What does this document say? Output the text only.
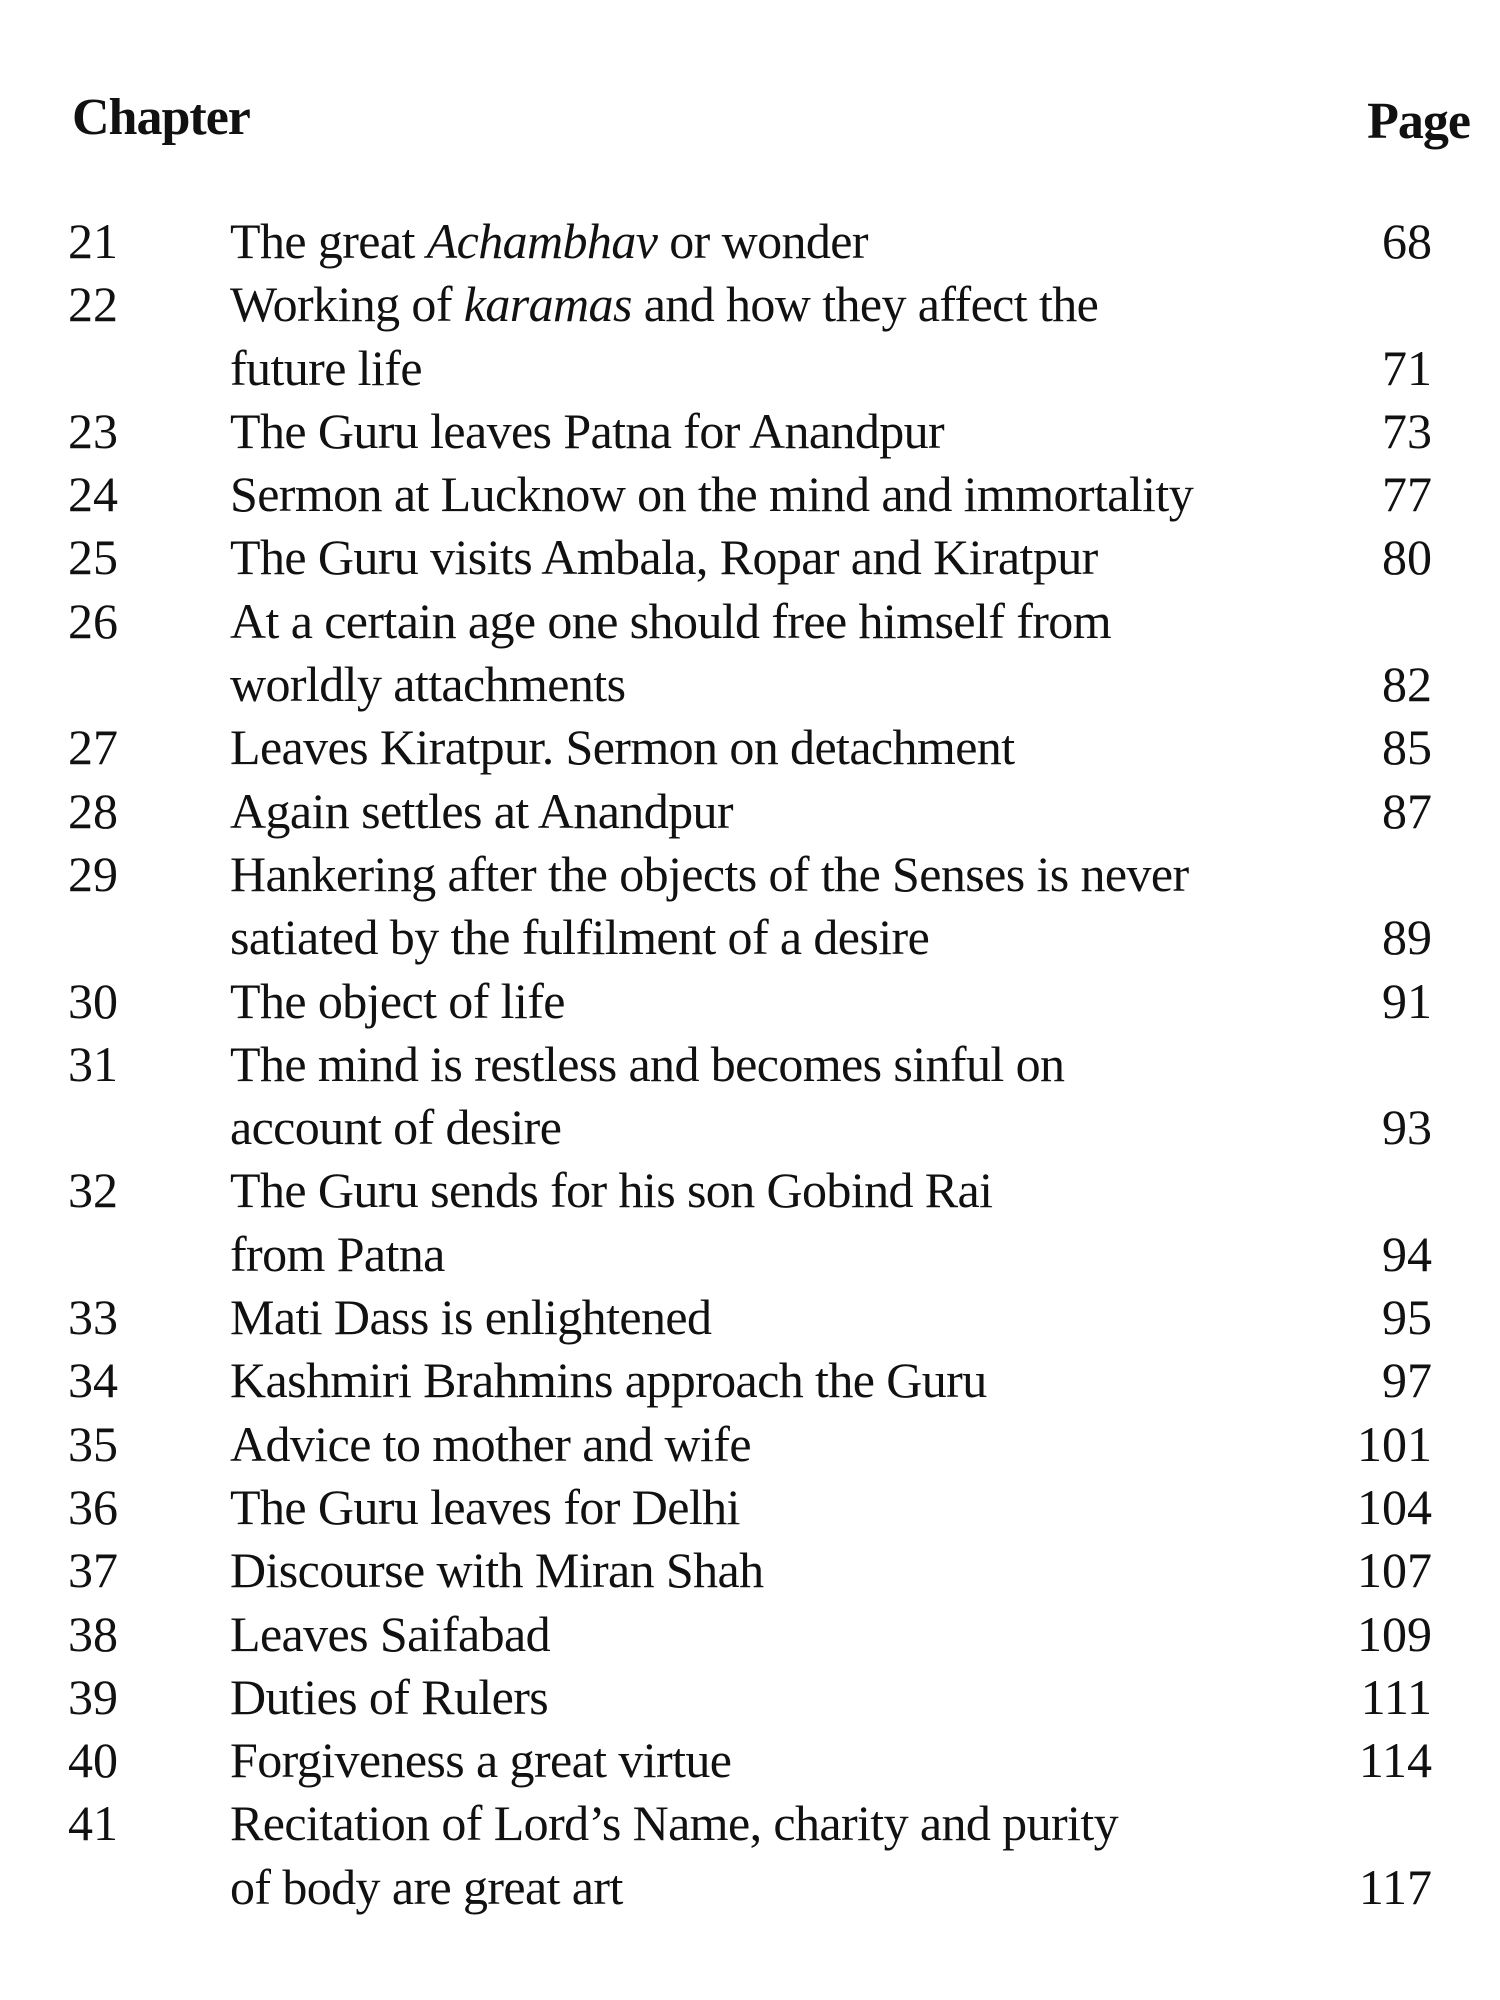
Chapter	Page
21 The great Achambhav or wonder	68
22 Working of karamas and how they affect the
future life	71
23 The Guru leaves Patna for Anandpur	73
24 Sermon at Lucknow on the mind and immortality	77
25 The Guru visits Ambala, Ropar and Kiratpur	80
26 At a certain age one should free himself from
worldly attachments	82
27 Leaves Kiratpur. Sermon on detachment	85
28 Again settles at Anandpur	87
29 Hankering after the objects of the Senses is never
satiated by the fulfilment of a desire	89
30 The object of life	91
31 The mind is restless and becomes sinful on
account of desire	93
32 The Guru sends for his son Gobind Rai
from Patna	94
33 Mati Dass is enlightened	95
34 Kashmiri Brahmins approach the Guru	97
35 Advice to mother and wife	101
36 The Guru leaves for Delhi	104
37 Discourse with Miran Shah	107
38 Leaves Saifabad	109
39 Duties of Rulers	111
40 Forgiveness a great virtue	114
41 Recitation of Lord’s Name, charity and purity
of body are great art	117
